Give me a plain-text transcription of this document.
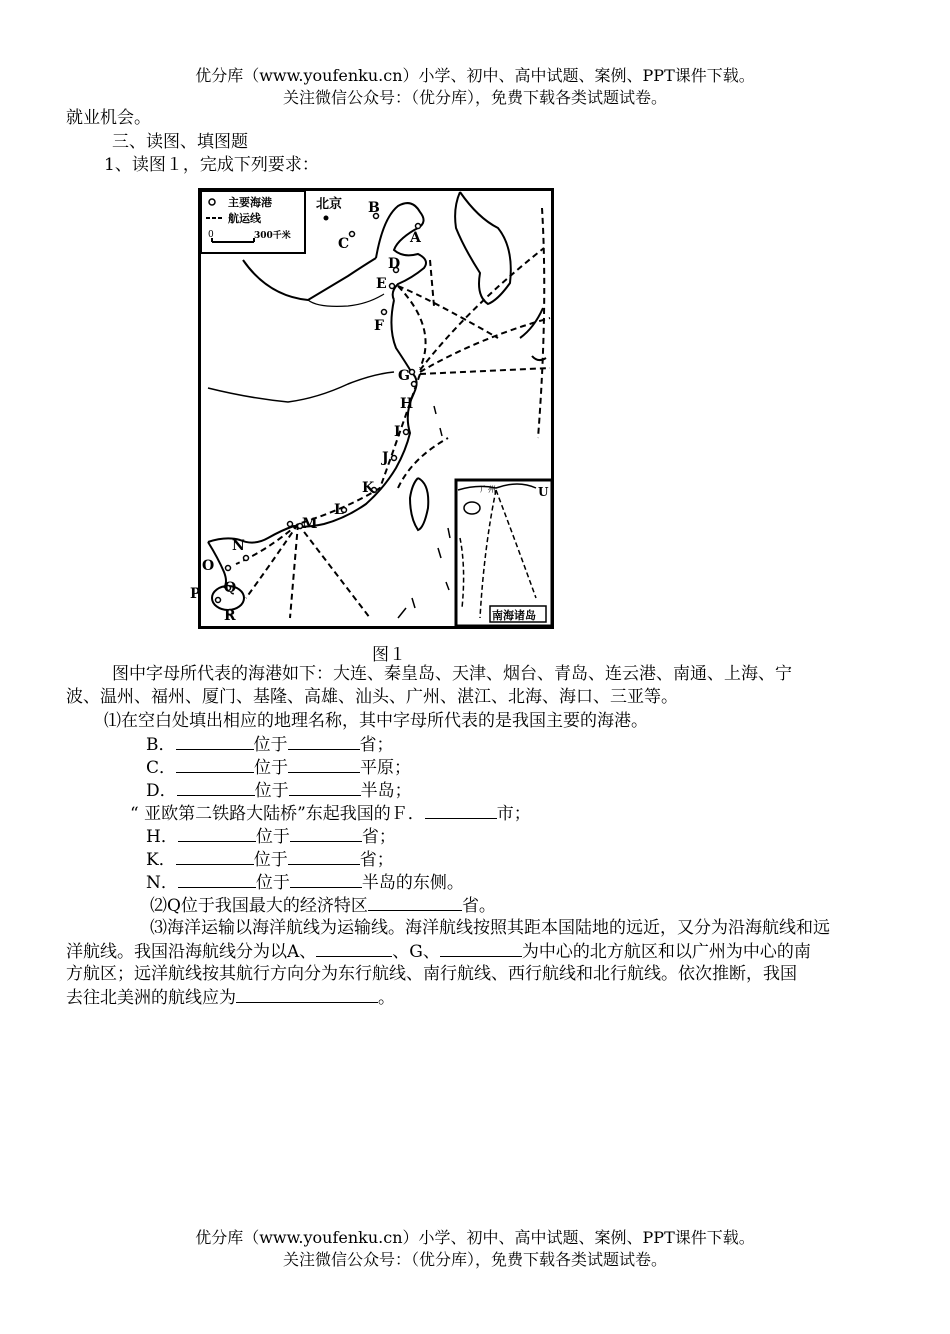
优分库（www.youfenku.cn）小学、初中、高中试题、案例、PPT课件下载。
关注微信公众号：（优分库），免费下载各类试题试卷。
就业机会。
三、读图、填图题
1、读图１，完成下列要求：
主要海港
航运线
0	300千米
广州	U
南海诸岛
北京
A
B
C
D
E
F
G
H
I
J
K
L
M
N
O
P Q
R
图１
图中字母所代表的海港如下：大连、秦皇岛、天津、烟台、青岛、连云港、南通、上海、宁
波、温州、福州、厦门、基隆、高雄、汕头、广州、湛江、北海、海口、三亚等。
⑴在空白处填出相应的地理名称，其中字母所代表的是我国主要的海港。
B．	位于	省；
C．	位于	平原；
D．	位于	半岛；
“ 亚欧第二铁路大陆桥”东起我国的Ｆ．	市；
H．	位于	省；
K．	位于	省；
N．	位于	半岛的东侧。
⑵Q位于我国最大的经济特区	省。
⑶海洋运输以海洋航线为运输线。海洋航线按照其距本国陆地的远近，又分为沿海航线和远
洋航线。我国沿海航线分为以A、	、G、	为中心的北方航区和以广州为中心的南
方航区；远洋航线按其航行方向分为东行航线、南行航线、西行航线和北行航线。依次推断，我国
去往北美洲的航线应为	。
优分库（www.youfenku.cn）小学、初中、高中试题、案例、PPT课件下载。
关注微信公众号：（优分库），免费下载各类试题试卷。
